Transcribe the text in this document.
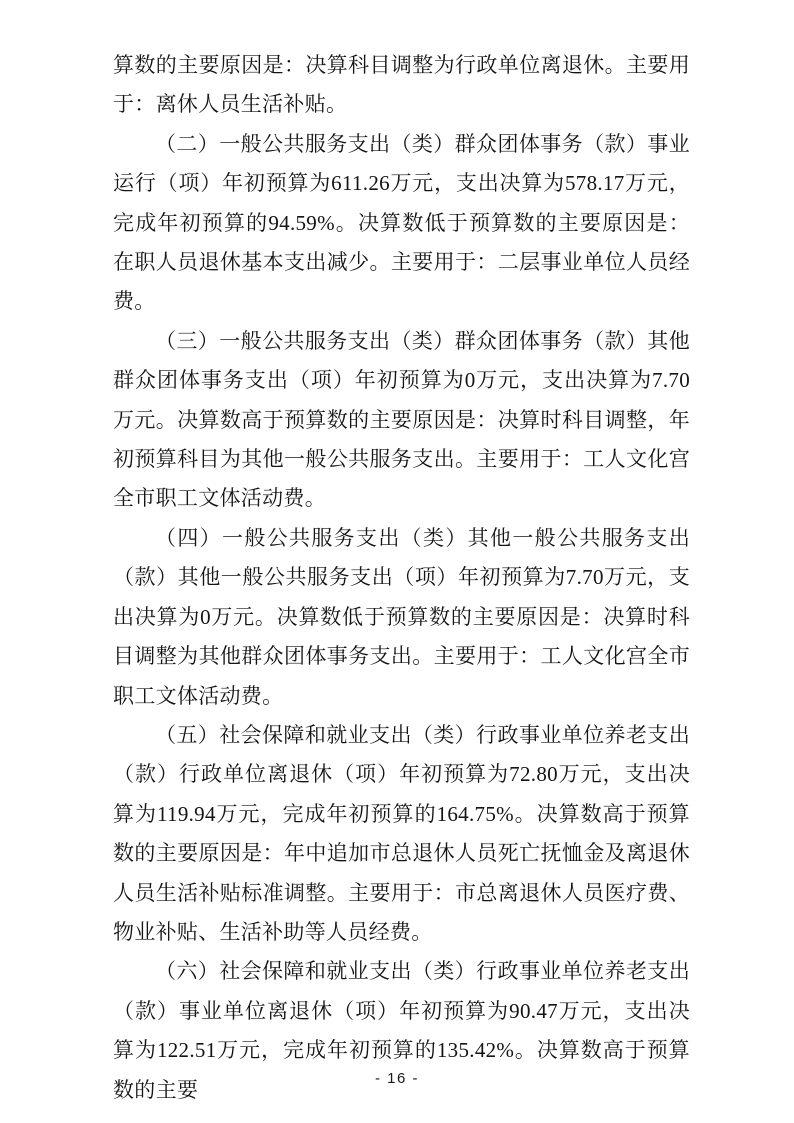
算数的主要原因是：决算科目调整为行政单位离退休。主要用于：离休人员生活补贴。

（二）一般公共服务支出（类）群众团体事务（款）事业运行（项）年初预算为611.26万元，支出决算为578.17万元，完成年初预算的94.59%。决算数低于预算数的主要原因是：在职人员退休基本支出减少。主要用于：二层事业单位人员经费。

（三）一般公共服务支出（类）群众团体事务（款）其他群众团体事务支出（项）年初预算为0万元，支出决算为7.70万元。决算数高于预算数的主要原因是：决算时科目调整，年初预算科目为其他一般公共服务支出。主要用于：工人文化宫全市职工文体活动费。

（四）一般公共服务支出（类）其他一般公共服务支出（款）其他一般公共服务支出（项）年初预算为7.70万元，支出决算为0万元。决算数低于预算数的主要原因是：决算时科目调整为其他群众团体事务支出。主要用于：工人文化宫全市职工文体活动费。

（五）社会保障和就业支出（类）行政事业单位养老支出（款）行政单位离退休（项）年初预算为72.80万元，支出决算为119.94万元，完成年初预算的164.75%。决算数高于预算数的主要原因是：年中追加市总退休人员死亡抚恤金及离退休人员生活补贴标准调整。主要用于：市总离退休人员医疗费、物业补贴、生活补助等人员经费。

（六）社会保障和就业支出（类）行政事业单位养老支出（款）事业单位离退休（项）年初预算为90.47万元，支出决算为122.51万元，完成年初预算的135.42%。决算数高于预算数的主要	- 16 -
